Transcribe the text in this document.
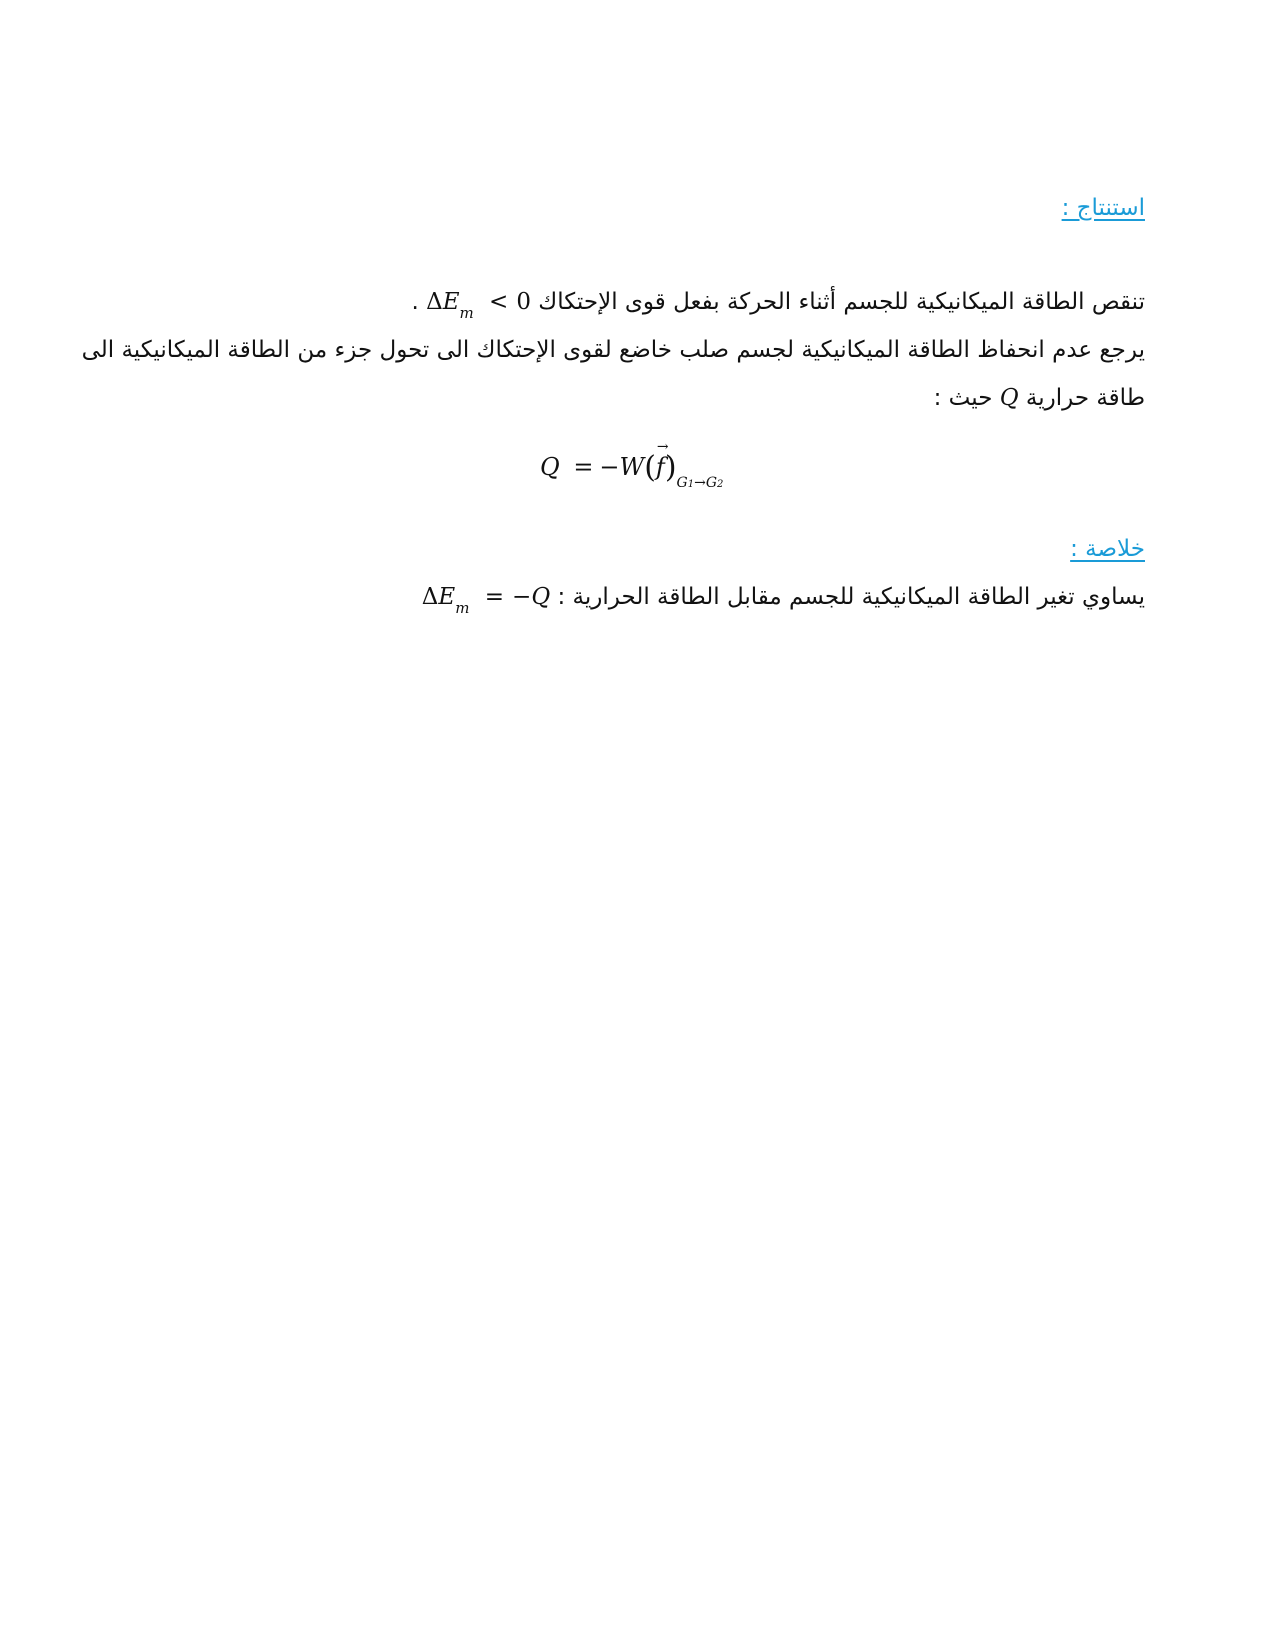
استنتاج :
تنقص الطاقة الميكانيكية للجسم أثناء الحركة بفعل قوى الإحتكاك $\Delta E_m < 0$ .
يرجع عدم انحفاظ الطاقة الميكانيكية لجسم صلب خاضع لقوى الإحتكاك الى تحول جزء من الطاقة الميكانيكية الى
طاقة حرارية Q حيث :
Q = −W(f
→
)$_{G1\to G2}$
خلاصة :
يساوي تغير الطاقة الميكانيكية للجسم مقابل الطاقة الحرارية : $\Delta E_m = -Q$
